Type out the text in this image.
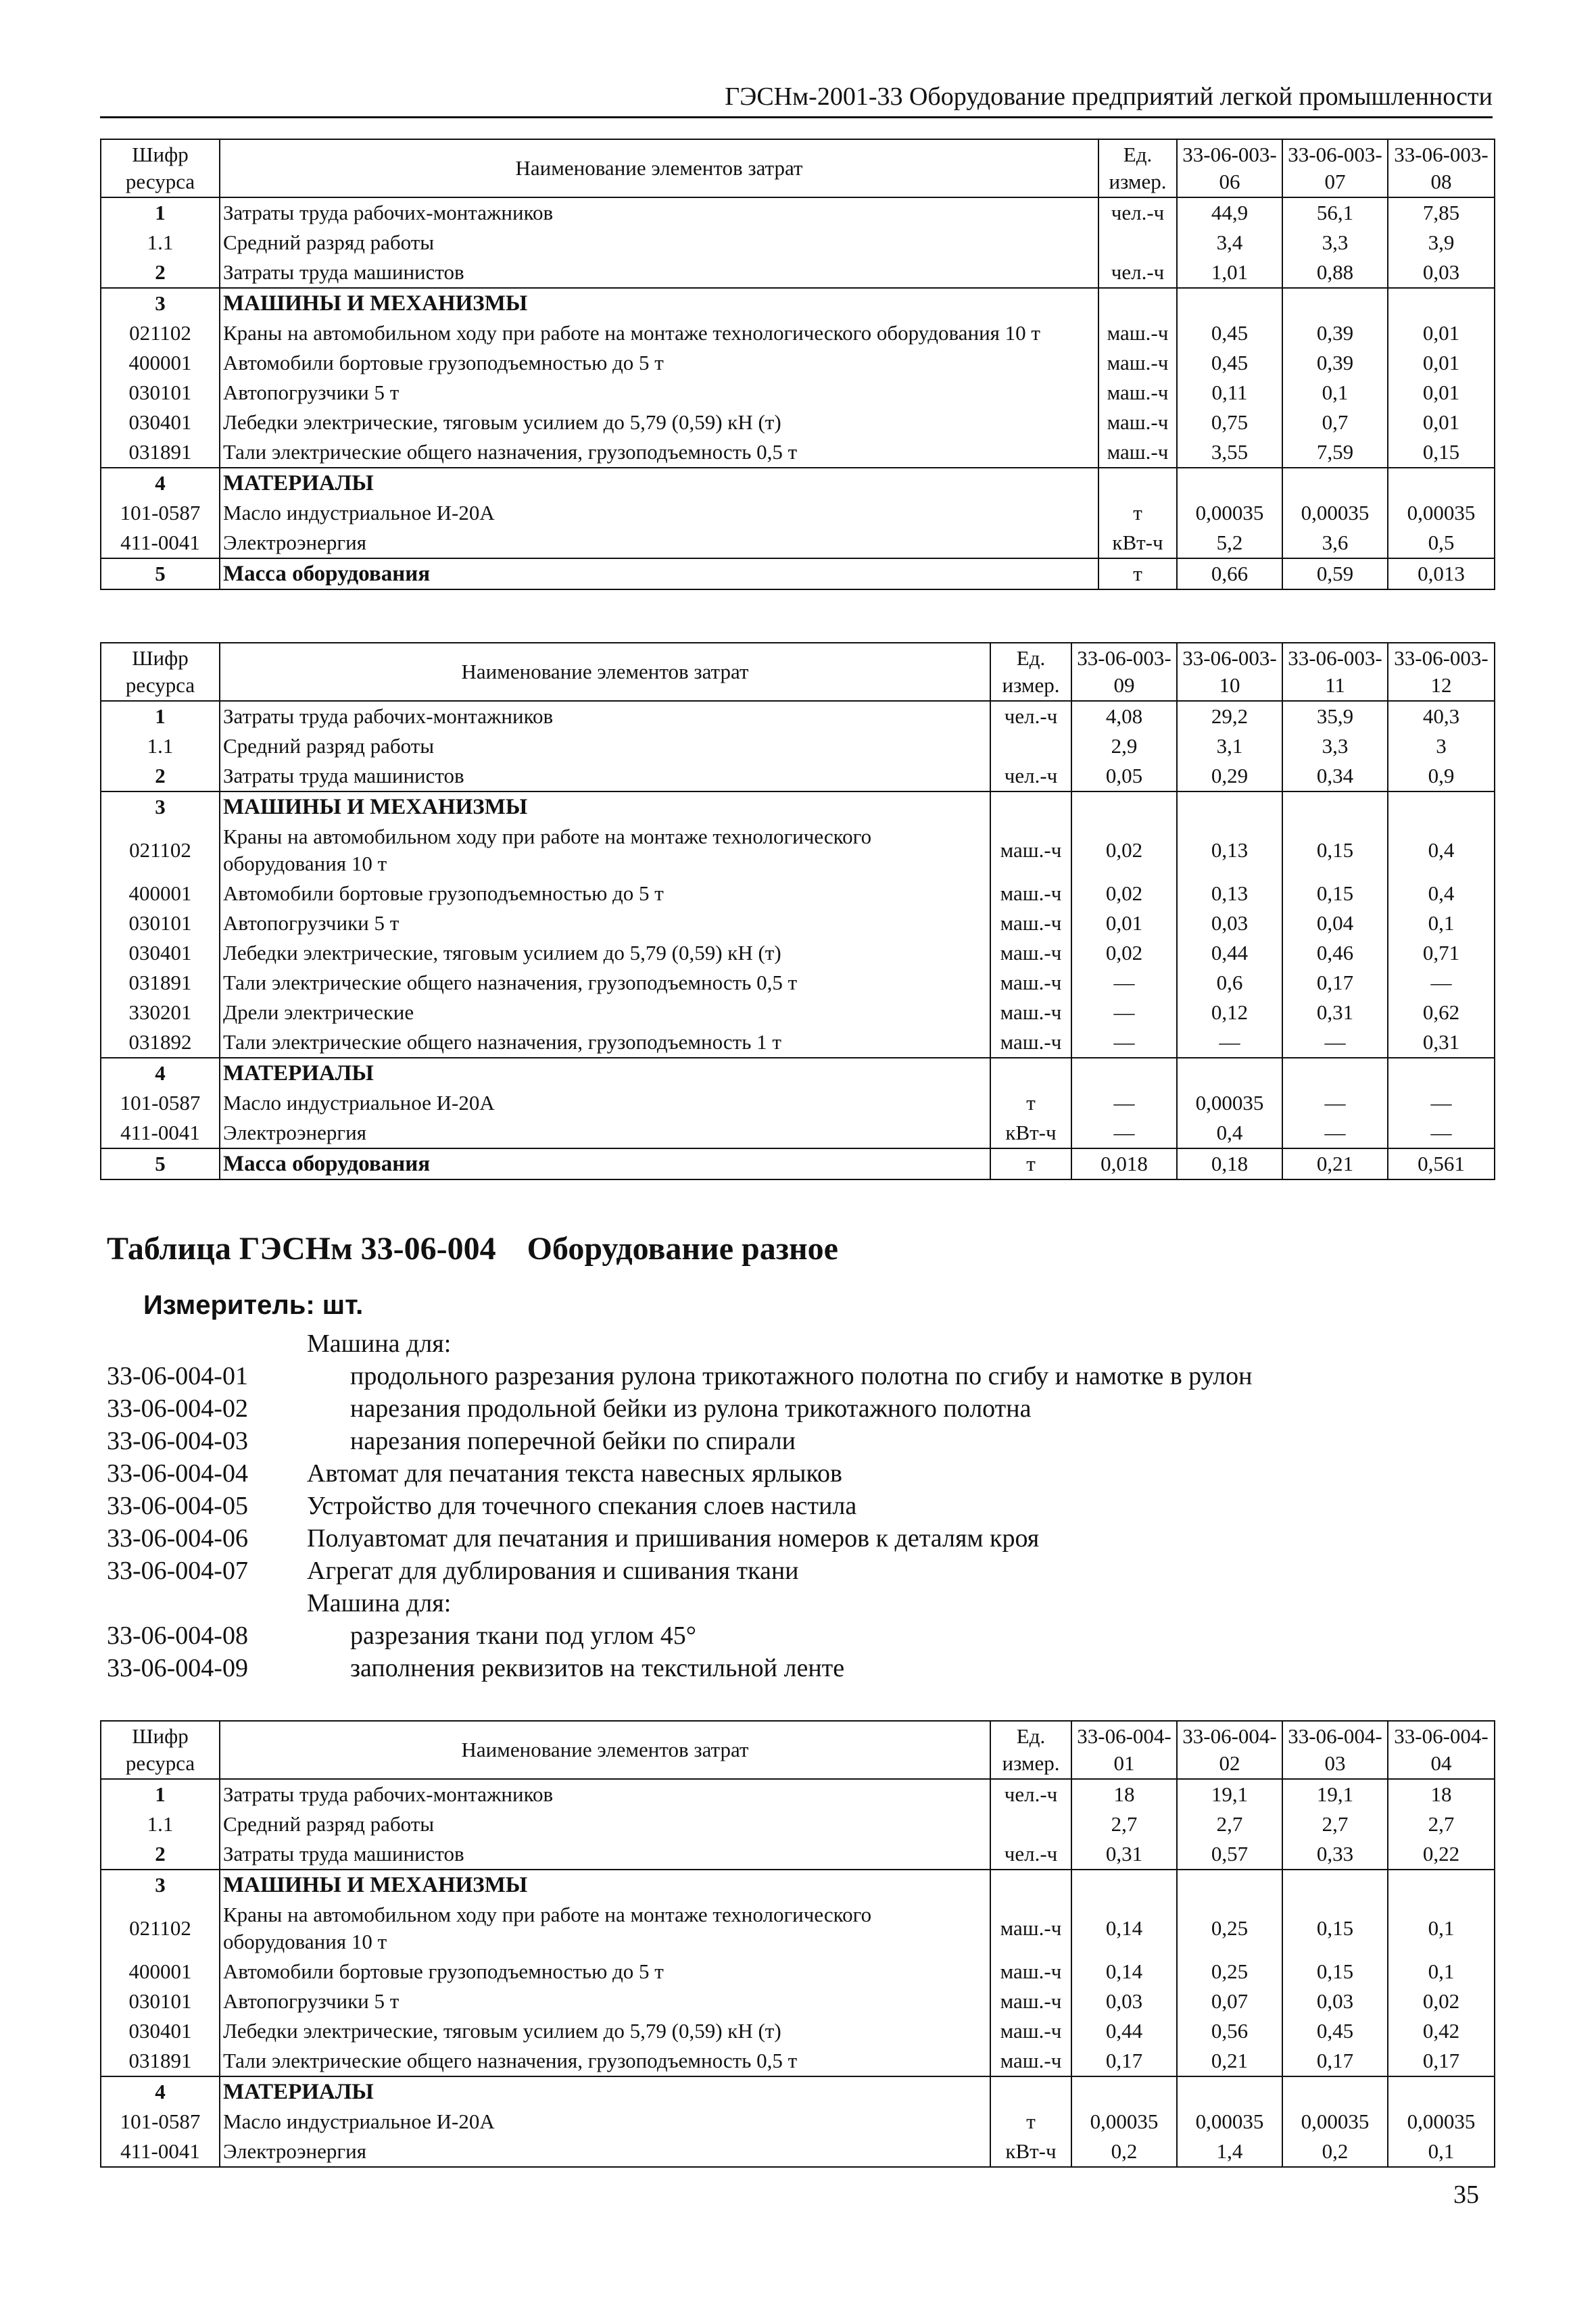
ГЭСНм-2001-33 Оборудование предприятий легкой промышленности
Шифр ресурса	Наименование элементов затрат	Ед. измер.	33-06-003-06	33-06-003-07	33-06-003-08
1	Затраты труда рабочих-монтажников	чел.-ч	44,9	56,1	7,85
1.1	Средний разряд работы		3,4	3,3	3,9
2	Затраты труда машинистов	чел.-ч	1,01	0,88	0,03
3	МАШИНЫ И МЕХАНИЗМЫ				
021102	Краны на автомобильном ходу при работе на монтаже технологического оборудования 10 т	маш.-ч	0,45	0,39	0,01
400001	Автомобили бортовые грузоподъемностью до 5 т	маш.-ч	0,45	0,39	0,01
030101	Автопогрузчики 5 т	маш.-ч	0,11	0,1	0,01
030401	Лебедки электрические, тяговым усилием до 5,79 (0,59) кН (т)	маш.-ч	0,75	0,7	0,01
031891	Тали электрические общего назначения, грузоподъемность 0,5 т	маш.-ч	3,55	7,59	0,15
4	МАТЕРИАЛЫ				
101-0587	Масло индустриальное И-20А	т	0,00035	0,00035	0,00035
411-0041	Электроэнергия	кВт-ч	5,2	3,6	0,5
5	Масса оборудования	т	0,66	0,59	0,013
Шифр ресурса	Наименование элементов затрат	Ед. измер.	33-06-003-09	33-06-003-10	33-06-003-11	33-06-003-12
1	Затраты труда рабочих-монтажников	чел.-ч	4,08	29,2	35,9	40,3
1.1	Средний разряд работы		2,9	3,1	3,3	3
2	Затраты труда машинистов	чел.-ч	0,05	0,29	0,34	0,9
3	МАШИНЫ И МЕХАНИЗМЫ					
021102	Краны на автомобильном ходу при работе на монтаже технологического оборудования 10 т	маш.-ч	0,02	0,13	0,15	0,4
400001	Автомобили бортовые грузоподъемностью до 5 т	маш.-ч	0,02	0,13	0,15	0,4
030101	Автопогрузчики 5 т	маш.-ч	0,01	0,03	0,04	0,1
030401	Лебедки электрические, тяговым усилием до 5,79 (0,59) кН (т)	маш.-ч	0,02	0,44	0,46	0,71
031891	Тали электрические общего назначения, грузоподъемность 0,5 т	маш.-ч	—	0,6	0,17	—
330201	Дрели электрические	маш.-ч	—	0,12	0,31	0,62
031892	Тали электрические общего назначения, грузоподъемность 1 т	маш.-ч	—	—	—	0,31
4	МАТЕРИАЛЫ					
101-0587	Масло индустриальное И-20А	т	—	0,00035	—	—
411-0041	Электроэнергия	кВт-ч	—	0,4	—	—
5	Масса оборудования	т	0,018	0,18	0,21	0,561
Таблица ГЭСНм 33-06-004 Оборудование разное
Измеритель: шт.
Машина для:
33-06-004-01	продольного разрезания рулона трикотажного полотна по сгибу и намотке в рулон
33-06-004-02	нарезания продольной бейки из рулона трикотажного полотна
33-06-004-03	нарезания поперечной бейки по спирали
33-06-004-04 Автомат для печатания текста навесных ярлыков
33-06-004-05 Устройство для точечного спекания слоев настила
33-06-004-06 Полуавтомат для печатания и пришивания номеров к деталям кроя
33-06-004-07 Агрегат для дублирования и сшивания ткани
Машина для:
33-06-004-08	разрезания ткани под углом 45°
33-06-004-09	заполнения реквизитов на текстильной ленте
Шифр ресурса	Наименование элементов затрат	Ед. измер.	33-06-004-01	33-06-004-02	33-06-004-03	33-06-004-04
1	Затраты труда рабочих-монтажников	чел.-ч	18	19,1	19,1	18
1.1	Средний разряд работы		2,7	2,7	2,7	2,7
2	Затраты труда машинистов	чел.-ч	0,31	0,57	0,33	0,22
3	МАШИНЫ И МЕХАНИЗМЫ					
021102	Краны на автомобильном ходу при работе на монтаже технологического оборудования 10 т	маш.-ч	0,14	0,25	0,15	0,1
400001	Автомобили бортовые грузоподъемностью до 5 т	маш.-ч	0,14	0,25	0,15	0,1
030101	Автопогрузчики 5 т	маш.-ч	0,03	0,07	0,03	0,02
030401	Лебедки электрические, тяговым усилием до 5,79 (0,59) кН (т)	маш.-ч	0,44	0,56	0,45	0,42
031891	Тали электрические общего назначения, грузоподъемность 0,5 т	маш.-ч	0,17	0,21	0,17	0,17
4	МАТЕРИАЛЫ					
101-0587	Масло индустриальное И-20А	т	0,00035	0,00035	0,00035	0,00035
411-0041	Электроэнергия	кВт-ч	0,2	1,4	0,2	0,1
35
